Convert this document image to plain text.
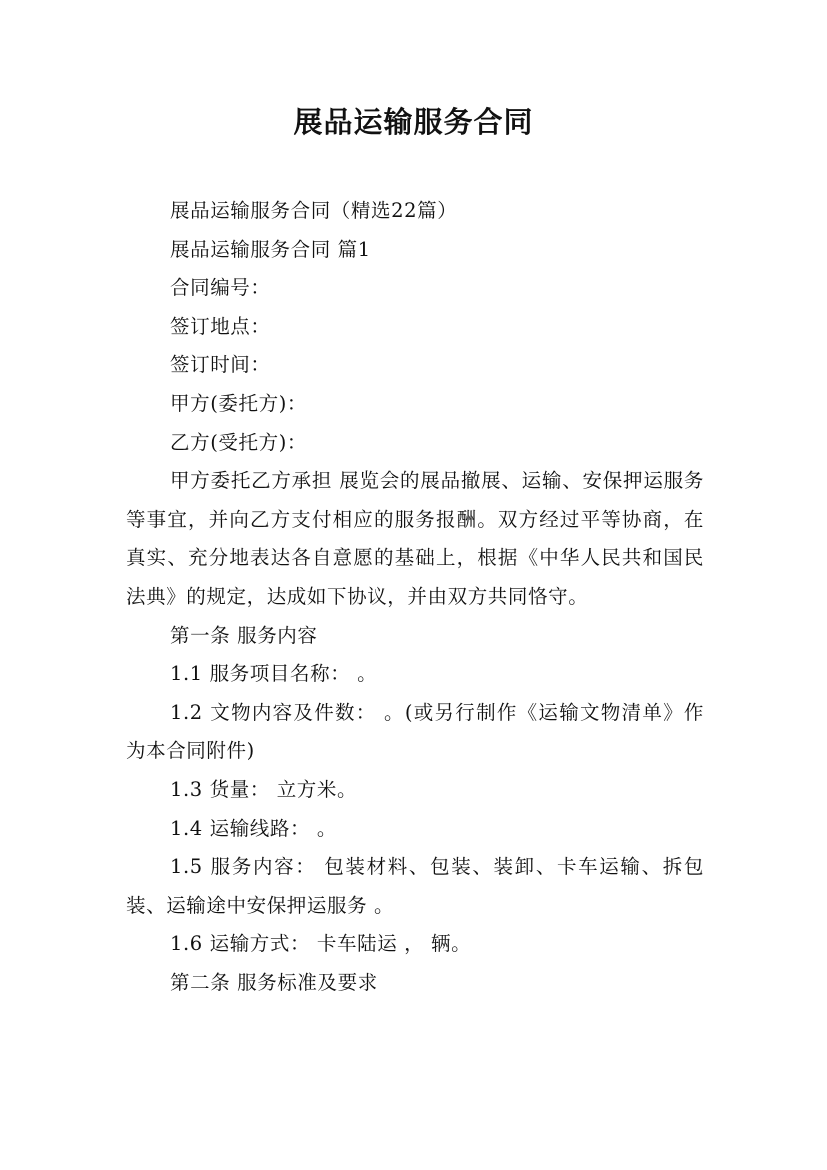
展品运输服务合同

展品运输服务合同（精选22篇）

展品运输服务合同 篇1

合同编号：

签订地点：

签订时间：

甲方(委托方)：

乙方(受托方)：

甲方委托乙方承担 展览会的展品撤展、运输、安保押运服务等事宜，并向乙方支付相应的服务报酬。双方经过平等协商，在真实、充分地表达各自意愿的基础上，根据《中华人民共和国民法典》的规定，达成如下协议，并由双方共同恪守。

第一条 服务内容

1.1 服务项目名称： 。

1.2 文物内容及件数： 。(或另行制作《运输文物清单》作为本合同附件)

1.3 货量： 立方米。

1.4 运输线路： 。

1.5 服务内容： 包装材料、包装、装卸、卡车运输、拆包装、运输途中安保押运服务 。

1.6 运输方式： 卡车陆运 ， 辆。

第二条 服务标准及要求
